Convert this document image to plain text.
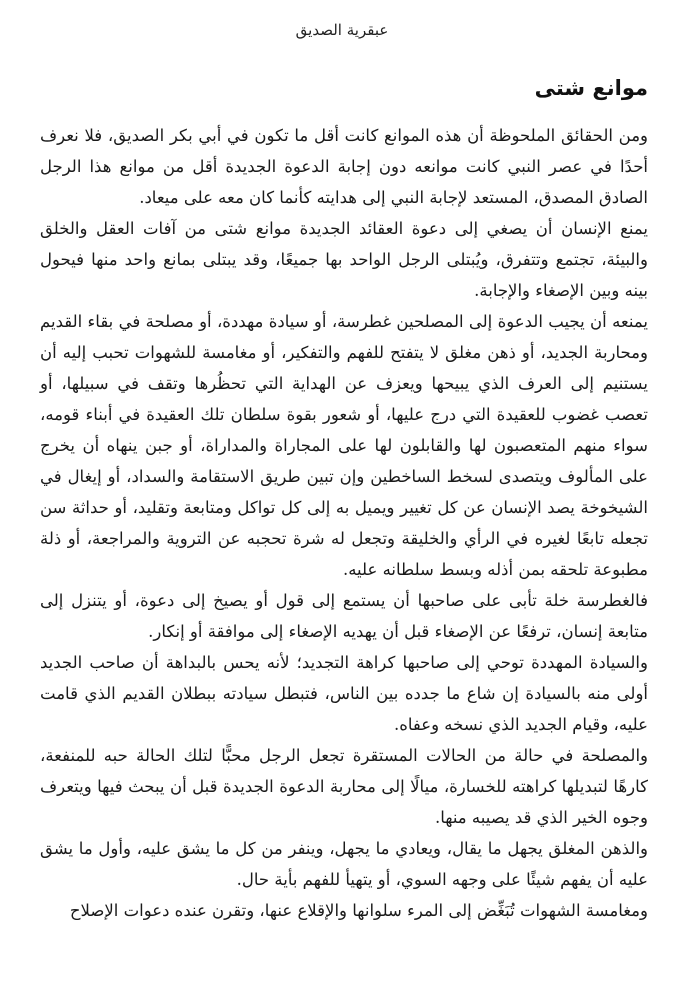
عبقرية الصديق
موانع شتى

ومن الحقائق الملحوظة أن هذه الموانع كانت أقل ما تكون في أبي بكر الصديق، فلا نعرف أحدًا في عصر النبي كانت موانعه دون إجابة الدعوة الجديدة أقل من موانع هذا الرجل الصادق المصدق، المستعد لإجابة النبي إلى هدايته كأنما كان معه على ميعاد.

يمنع الإنسان أن يصغي إلى دعوة العقائد الجديدة موانع شتى من آفات العقل والخلق والبيئة، تجتمع وتتفرق، ويُبتلى الرجل الواحد بها جميعًا، وقد يبتلى بمانع واحد منها فيحول بينه وبين الإصغاء والإجابة.

يمنعه أن يجيب الدعوة إلى المصلحين غطرسة، أو سيادة مهددة، أو مصلحة في بقاء القديم ومحاربة الجديد، أو ذهن مغلق لا يتفتح للفهم والتفكير، أو مغامسة للشهوات تحبب إليه أن يستنيم إلى العرف الذي يبيحها ويعزف عن الهداية التي تحظُرها وتقف في سبيلها، أو تعصب غضوب للعقيدة التي درج عليها، أو شعور بقوة سلطان تلك العقيدة في أبناء قومه، سواء منهم المتعصبون لها والقابلون لها على المجاراة والمداراة، أو جبن ينهاه أن يخرج على المألوف ويتصدى لسخط الساخطين وإن تبين طريق الاستقامة والسداد، أو إيغال في الشيخوخة يصد الإنسان عن كل تغيير ويميل به إلى كل تواكل ومتابعة وتقليد، أو حداثة سن تجعله تابعًا لغيره في الرأي والخليقة وتجعل له شرة تحجبه عن التروية والمراجعة، أو ذلة مطبوعة تلحقه بمن أذله وبسط سلطانه عليه.

فالغطرسة خلة تأبى على صاحبها أن يستمع إلى قول أو يصيخ إلى دعوة، أو يتنزل إلى متابعة إنسان، ترفعًا عن الإصغاء قبل أن يهديه الإصغاء إلى موافقة أو إنكار.

والسيادة المهددة توحي إلى صاحبها كراهة التجديد؛ لأنه يحس بالبداهة أن صاحب الجديد أولى منه بالسيادة إن شاع ما جدده بين الناس، فتبطل سيادته ببطلان القديم الذي قامت عليه، وقيام الجديد الذي نسخه وعفاه.

والمصلحة في حالة من الحالات المستقرة تجعل الرجل محبًّا لتلك الحالة حبه للمنفعة، كارهًا لتبديلها كراهته للخسارة، ميالًا إلى محاربة الدعوة الجديدة قبل أن يبحث فيها ويتعرف وجوه الخير الذي قد يصيبه منها.

والذهن المغلق يجهل ما يقال، ويعادي ما يجهل، وينفر من كل ما يشق عليه، وأول ما يشق عليه أن يفهم شيئًا على وجهه السوي، أو يتهيأ للفهم بأية حال.

ومغامسة الشهوات تُبَغِّض إلى المرء سلوانها والإقلاع عنها، وتقرن عنده دعوات الإصلاح
